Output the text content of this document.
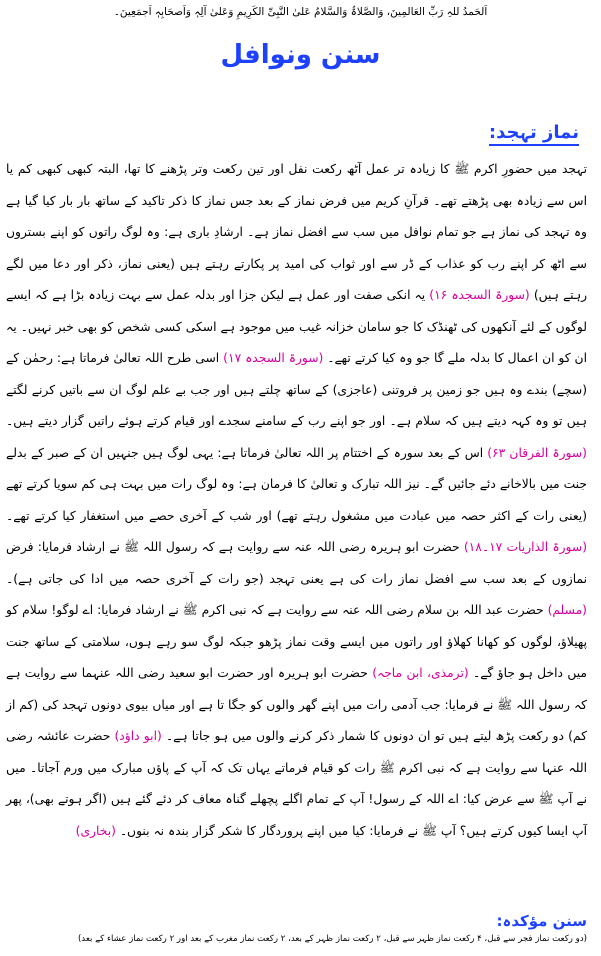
اَلحَمدُ للہِ رَبِّ العَالمِینَ، وَالصَّلاۃُ وَالسَّلامُ عَلیٰ النَّبِیِّ الکَرِیمِ وَعَلیٰ آلِہٖ وَاَصحَابِہٖ اَجمَعِینَ۔
سنن ونوافل
نماز تہجد:
تہجد میں حضورِ اکرم ﷺ کا زیادہ تر عمل آٹھ رکعت نفل اور تین رکعت وتر پڑھنے کا تھا، البتہ کبھی کبھی کم یا اس سے زیادہ بھی پڑھتے تھے۔ قرآنِ کریم میں فرض نماز کے بعد جس نماز کا ذکر تاکید کے ساتھ بار بار کیا گیا ہے وہ تہجد کی نماز ہے جو تمام نوافل میں سب سے افضل نماز ہے۔ ارشادِ باری ہے: وہ لوگ راتوں کو اپنے بستروں سے اٹھ کر اپنے رب کو عذاب کے ڈر سے اور ثواب کی امید پر پکارتے رہتے ہیں (یعنی نماز، ذکر اور دعا میں لگے رہتے ہیں) (سورۃ السجدہ ۱۶) یہ انکی صفت اور عمل ہے لیکن جزا اور بدلہ عمل سے بہت زیادہ بڑا ہے کہ ایسے لوگوں کے لئے آنکھوں کی ٹھنڈک کا جو سامان خزانہ غیب میں موجود ہے اسکی کسی شخص کو بھی خبر نہیں۔ یہ ان کو ان اعمال کا بدلہ ملے گا جو وہ کیا کرتے تھے۔ (سورۃ السجدہ ۱۷) اسی طرح اللہ تعالیٰ فرماتا ہے: رحمٰن کے (سچے) بندے وہ ہیں جو زمین پر فروتنی (عاجزی) کے ساتھ چلتے ہیں اور جب بے علم لوگ ان سے باتیں کرنے لگتے ہیں تو وہ کہہ دیتے ہیں کہ سلام ہے۔ اور جو اپنے رب کے سامنے سجدے اور قیام کرتے ہوئے راتیں گزار دیتے ہیں۔ (سورۃ الفرقان ۶۳) اس کے بعد سورہ کے اختتام پر اللہ تعالیٰ فرماتا ہے: یہی لوگ ہیں جنہیں ان کے صبر کے بدلے جنت میں بالاخانے دئے جائیں گے۔ نیز اللہ تبارک و تعالیٰ کا فرمان ہے: وہ لوگ رات میں بہت ہی کم سویا کرتے تھے (یعنی رات کے اکثر حصہ میں عبادت میں مشغول رہتے تھے) اور شب کے آخری حصے میں استغفار کیا کرتے تھے۔ (سورۃ الذاریات ۱۷۔۱۸) حضرت ابو ہریرہ رضی اللہ عنہ سے روایت ہے کہ رسول اللہ ﷺ نے ارشاد فرمایا: فرض نمازوں کے بعد سب سے افضل نماز رات کی ہے یعنی تہجد (جو رات کے آخری حصہ میں ادا کی جاتی ہے)۔ (مسلم) حضرت عبد اللہ بن سلام رضی اللہ عنہ سے روایت ہے کہ نبی اکرم ﷺ نے ارشاد فرمایا: اے لوگو! سلام کو پھیلاؤ، لوگوں کو کھانا کھلاؤ اور راتوں میں ایسے وقت نماز پڑھو جبکہ لوگ سو رہے ہوں، سلامتی کے ساتھ جنت میں داخل ہو جاؤ گے۔ (ترمذی، ابن ماجہ) حضرت ابو ہریرہ اور حضرت ابو سعید رضی اللہ عنہما سے روایت ہے کہ رسول اللہ ﷺ نے فرمایا: جب آدمی رات میں اپنے گھر والوں کو جگا تا ہے اور میاں بیوی دونوں تہجد کی (کم از کم) دو رکعت پڑھ لیتے ہیں تو ان دونوں کا شمار ذکر کرنے والوں میں ہو جاتا ہے۔ (ابو داؤد) حضرت عائشہ رضی اللہ عنہا سے روایت ہے کہ نبی اکرم ﷺ رات کو قیام فرماتے یہاں تک کہ آپ کے پاؤں مبارک میں ورم آجاتا۔ میں نے آپ ﷺ سے عرض کیا: اے اللہ کے رسول! آپ کے تمام اگلے پچھلے گناہ معاف کر دئے گئے ہیں (اگر ہوتے بھی)، پھر آپ ایسا کیوں کرتے ہیں؟ آپ ﷺ نے فرمایا: کیا میں اپنے پروردگار کا شکر گزار بندہ نہ بنوں۔ (بخاری)
سنن مؤکدہ:
(دو رکعت نماز فجر سے قبل، ۴ رکعت نماز ظہر سے قبل، ۲ رکعت نماز ظہر کے بعد، ۲ رکعت نماز مغرب کے بعد اور ۲ رکعت نماز عشاء کے بعد)
